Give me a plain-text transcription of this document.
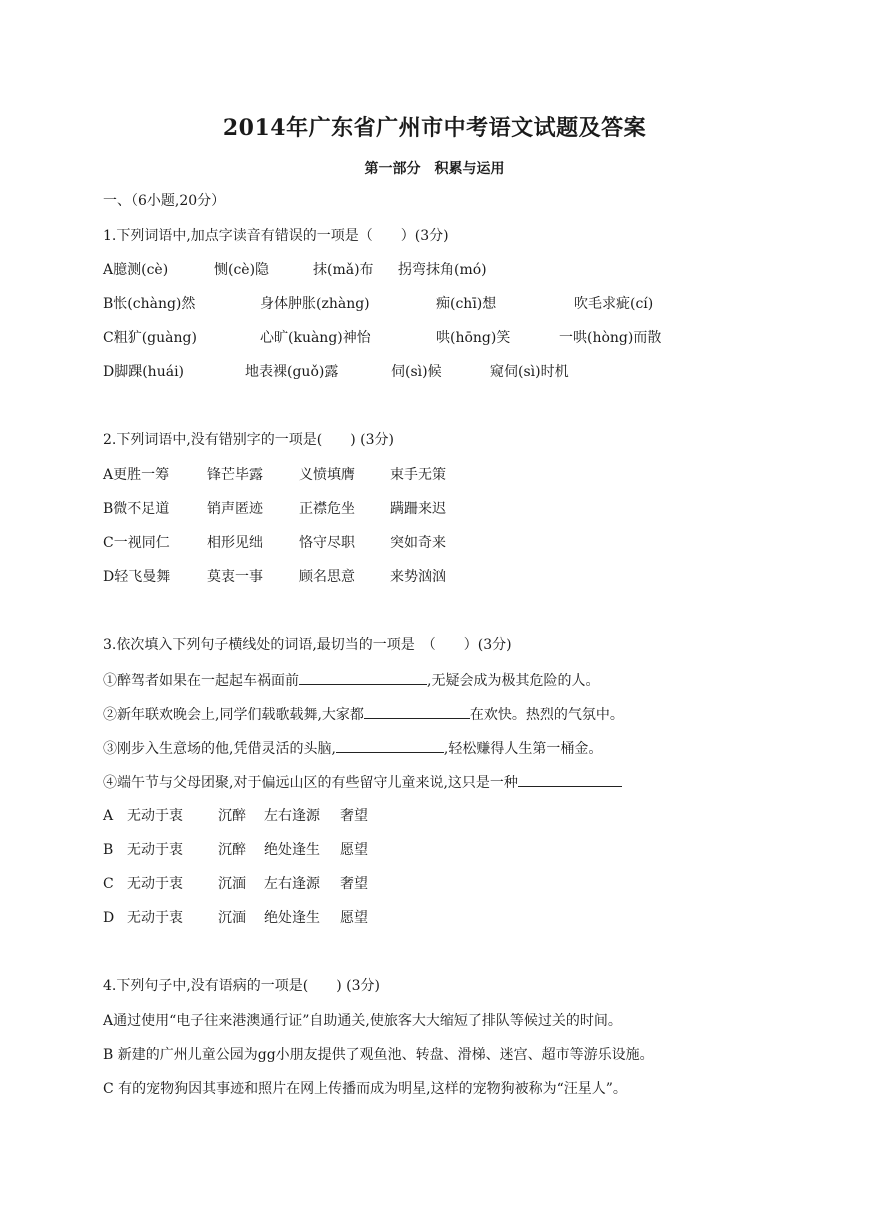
2014年广东省广州市中考语文试题及答案
第一部分　积累与运用
一、（6小题,20分）
1.下列词语中,加点字读音有错误的一项是（　　）(3分)
A臆测(cè)	恻(cè)隐	抹(mǎ)布 拐弯抹角(mó)
B怅(chàng)然	身体肿胀(zhàng)	痴(chī)想	吹毛求疵(cí)
C粗犷(guàng)	心旷(kuàng)神怡	哄(hōng)笑	一哄(hòng)而散
D脚踝(huái)	地表裸(guǒ)露	伺(sì)候	窥伺(sì)时机
2.下列词语中,没有错别字的一项是(　　) (3分)
A更胜一筹	锋芒毕露	义愤填膺	束手无策
B微不足道	销声匿迹	正襟危坐	蹒跚来迟
C一视同仁	相形见绌	恪守尽职	突如奇来
D轻飞曼舞	莫衷一事	顾名思意	来势汹汹
3.依次填入下列句子横线处的词语,最切当的一项是　（　　）(3分)
①醉驾者如果在一起起车祸面前	,无疑会成为极其危险的人。
②新年联欢晚会上,同学们载歌载舞,大家都	在欢快。热烈的气氛中。
③刚步入生意场的他,凭借灵活的头脑,	,轻松赚得人生第一桶金。
④端午节与父母团聚,对于偏远山区的有些留守儿童来说,这只是一种
A 无动于衷	沉醉 左右逢源 奢望
B 无动于衷	沉醉 绝处逢生 愿望
C 无动于衷	沉湎 左右逢源 奢望
D 无动于衷	沉湎 绝处逢生 愿望
4.下列句子中,没有语病的一项是(　　) (3分)
A通过使用“电子往来港澳通行证”自助通关,使旅客大大缩短了排队等候过关的时间。
B 新建的广州儿童公园为gg小朋友提供了观鱼池、转盘、滑梯、迷宫、超市等游乐设施。
C 有的宠物狗因其事迹和照片在网上传播而成为明星,这样的宠物狗被称为“汪星人”。
